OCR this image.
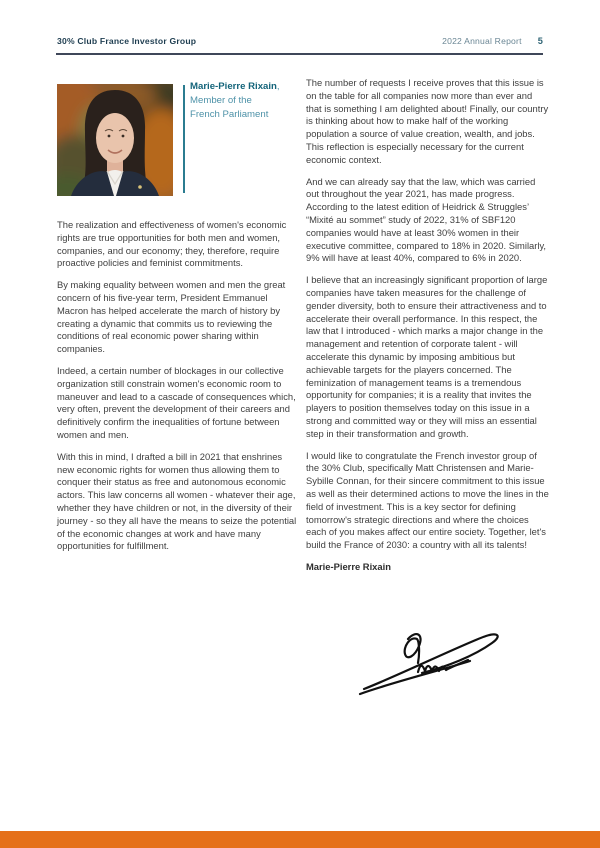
30% Club France Investor Group	2022 Annual Report 5
Marie-Pierre Rixain, Member of the French Parliament

The realization and effectiveness of women's economic rights are true opportunities for both men and women, companies, and our economy; they, therefore, require proactive policies and feminist commitments.

By making equality between women and men the great concern of his five-year term, President Emmanuel Macron has helped accelerate the march of history by creating a dynamic that commits us to reviewing the conditions of real economic power sharing within companies.

Indeed, a certain number of blockages in our collective organization still constrain women's economic room to maneuver and lead to a cascade of consequences which, very often, prevent the development of their careers and definitively confirm the inequalities of fortune between women and men.

With this in mind, I drafted a bill in 2021 that enshrines new economic rights for women thus allowing them to conquer their status as free and autonomous economic actors. This law concerns all women - whatever their age, whether they have children or not, in the diversity of their journey - so they all have the means to seize the potential of the economic changes at work and have many opportunities for fulfillment.

The number of requests I receive proves that this issue is on the table for all companies now more than ever and that is something I am delighted about! Finally, our country is thinking about how to make half of the working population a source of value creation, wealth, and jobs. This reflection is especially necessary for the current economic context.

And we can already say that the law, which was carried out throughout the year 2021, has made progress. According to the latest edition of Heidrick & Struggles’ “Mixité au sommet” study of 2022, 31% of SBF120 companies would have at least 30% women in their executive committee, compared to 18% in 2020. Similarly, 9% will have at least 40%, compared to 6% in 2020.

I believe that an increasingly significant proportion of large companies have taken measures for the challenge of gender diversity, both to ensure their attractiveness and to accelerate their overall performance. In this respect, the law that I introduced - which marks a major change in the management and retention of corporate talent - will accelerate this dynamic by imposing ambitious but achievable targets for the players concerned. The feminization of management teams is a tremendous opportunity for companies; it is a reality that invites the players to position themselves today on this issue in a strong and committed way or they will miss an essential step in their transformation and growth.

I would like to congratulate the French investor group of the 30% Club, specifically Matt Christensen and Marie-Sybille Connan, for their sincere commitment to this issue as well as their determined actions to move the lines in the field of investment. This is a key sector for defining tomorrow's strategic directions and where the choices each of you makes affect our entire society. Together, let's build the France of 2030: a country with all its talents!

Marie-Pierre Rixain
